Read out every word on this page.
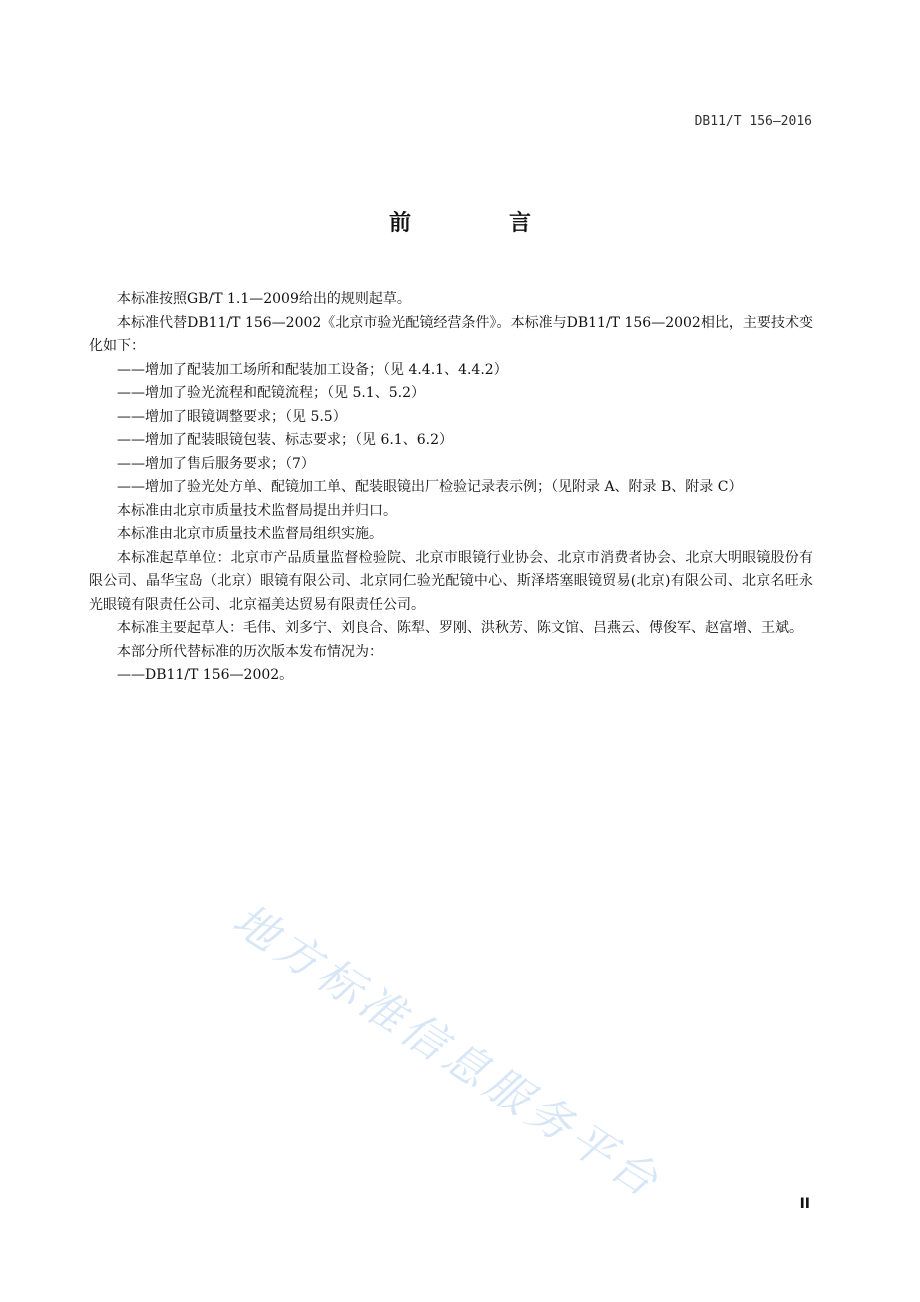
DB11/T 156—2016
前　言

本标准按照GB/T 1.1—2009给出的规则起草。

本标准代替DB11/T 156—2002《北京市验光配镜经营条件》。本标准与DB11/T 156—2002相比，主要技术变化如下：

——增加了配装加工场所和配装加工设备；（见 4.4.1、4.4.2）

——增加了验光流程和配镜流程；（见 5.1、5.2）

——增加了眼镜调整要求；（见 5.5）

——增加了配装眼镜包装、标志要求；（见 6.1、6.2）

——增加了售后服务要求；（7）

——增加了验光处方单、配镜加工单、配装眼镜出厂检验记录表示例；（见附录 A、附录 B、附录 C）

本标准由北京市质量技术监督局提出并归口。

本标准由北京市质量技术监督局组织实施。

本标准起草单位：北京市产品质量监督检验院、北京市眼镜行业协会、北京市消费者协会、北京大明眼镜股份有限公司、晶华宝岛（北京）眼镜有限公司、北京同仁验光配镜中心、斯泽塔塞眼镜贸易(北京)有限公司、北京名旺永光眼镜有限责任公司、北京福美达贸易有限责任公司。

本标准主要起草人：毛伟、刘多宁、刘良合、陈犁、罗刚、洪秋芳、陈文馆、吕燕云、傅俊军、赵富增、王斌。

本部分所代替标准的历次版本发布情况为：

——DB11/T 156—2002。

地方标准信息服务平台	II
